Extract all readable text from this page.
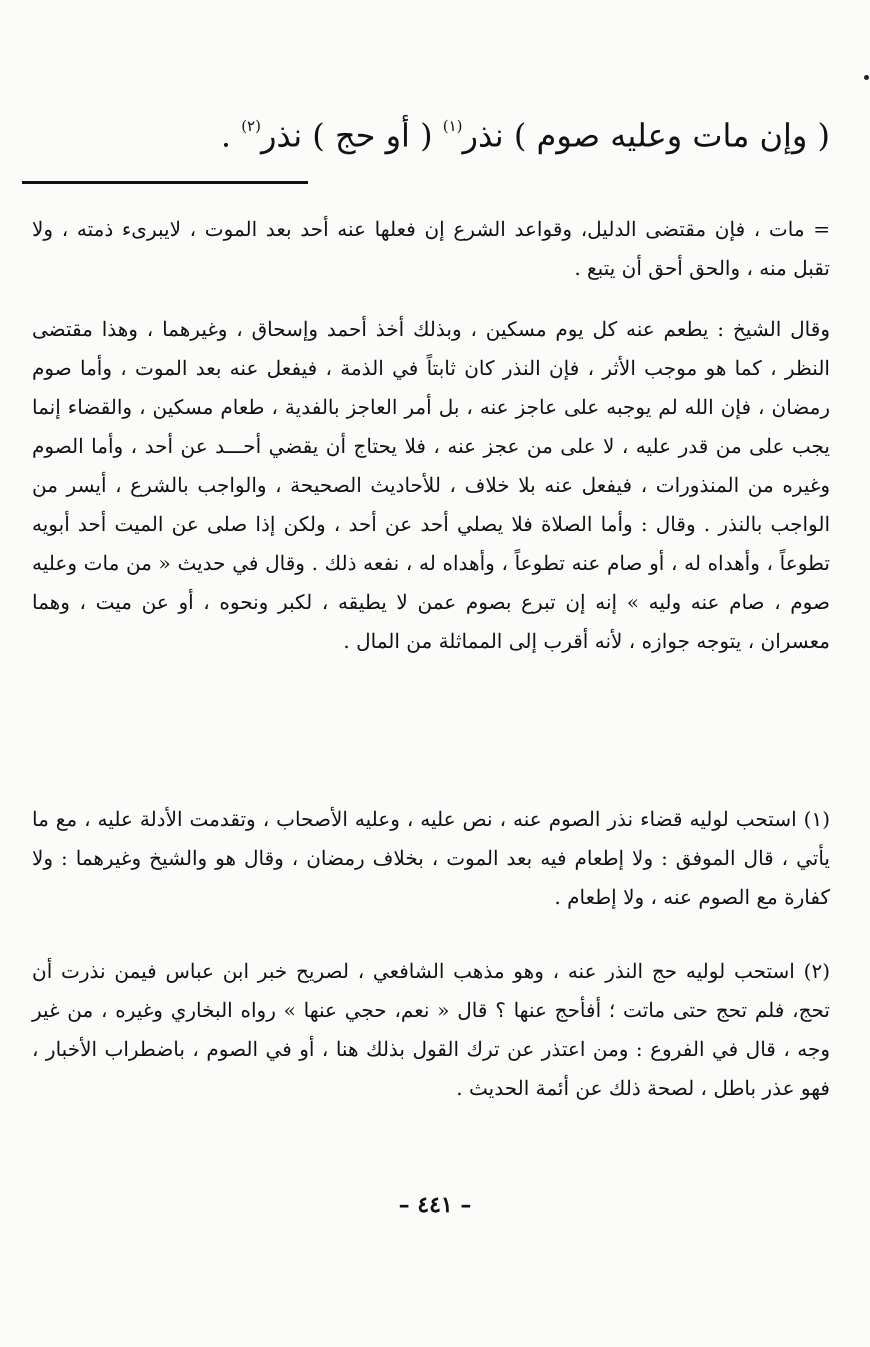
( وإن مات وعليه صوم ) نذر$^{(١)}$ ( أو حج ) نذر$^{(٢)}$ .

= مات ، فإن مقتضى الدليل، وقواعد الشرع إن فعلها عنه أحد بعد الموت ، لايبرىء ذمته ، ولا تقبل منه ، والحق أحق أن يتبع .

وقال الشيخ : يطعم عنه كل يوم مسكين ، وبذلك أخذ أحمد وإسحاق ، وغيرهما ، وهذا مقتضى النظر ، كما هو موجب الأثر ، فإن النذر كان ثابتاً في الذمة ، فيفعل عنه بعد الموت ، وأما صوم رمضان ، فإن الله لم يوجبه على عاجز عنه ، بل أمر العاجز بالفدية ، طعام مسكين ، والقضاء إنما يجب على من قدر عليه ، لا على من عجز عنه ، فلا يحتاج أن يقضي أحـــد عن أحد ، وأما الصوم وغيره من المنذورات ، فيفعل عنه بلا خلاف ، للأحاديث الصحيحة ، والواجب بالشرع ، أيسر من الواجب بالنذر . وقال : وأما الصلاة فلا يصلي أحد عن أحد ، ولكن إذا صلى عن الميت أحد أبويه تطوعاً ، وأهداه له ، أو صام عنه تطوعاً ، وأهداه له ، نفعه ذلك . وقال في حديث « من مات وعليه صوم ، صام عنه وليه » إنه إن تبرع بصوم عمن لا يطيقه ، لكبر ونحوه ، أو عن ميت ، وهما معسران ، يتوجه جوازه ، لأنه أقرب إلى المماثلة من المال .

(١) استحب لوليه قضاء نذر الصوم عنه ، نص عليه ، وعليه الأصحاب ، وتقدمت الأدلة عليه ، مع ما يأتي ، قال الموفق : ولا إطعام فيه بعد الموت ، بخلاف رمضان ، وقال هو والشيخ وغيرهما : ولا كفارة مع الصوم عنه ، ولا إطعام .

(٢) استحب لوليه حج النذر عنه ، وهو مذهب الشافعي ، لصريح خبر ابن عباس فيمن نذرت أن تحج، فلم تحج حتى ماتت ؛ أفأحج عنها ؟ قال « نعم، حجي عنها » رواه البخاري وغيره ، من غير وجه ، قال في الفروع : ومن اعتذر عن ترك القول بذلك هنا ، أو في الصوم ، باضطراب الأخبار ، فهو عذر باطل ، لصحة ذلك عن أئمة الحديث .

– ٤٤١ –
